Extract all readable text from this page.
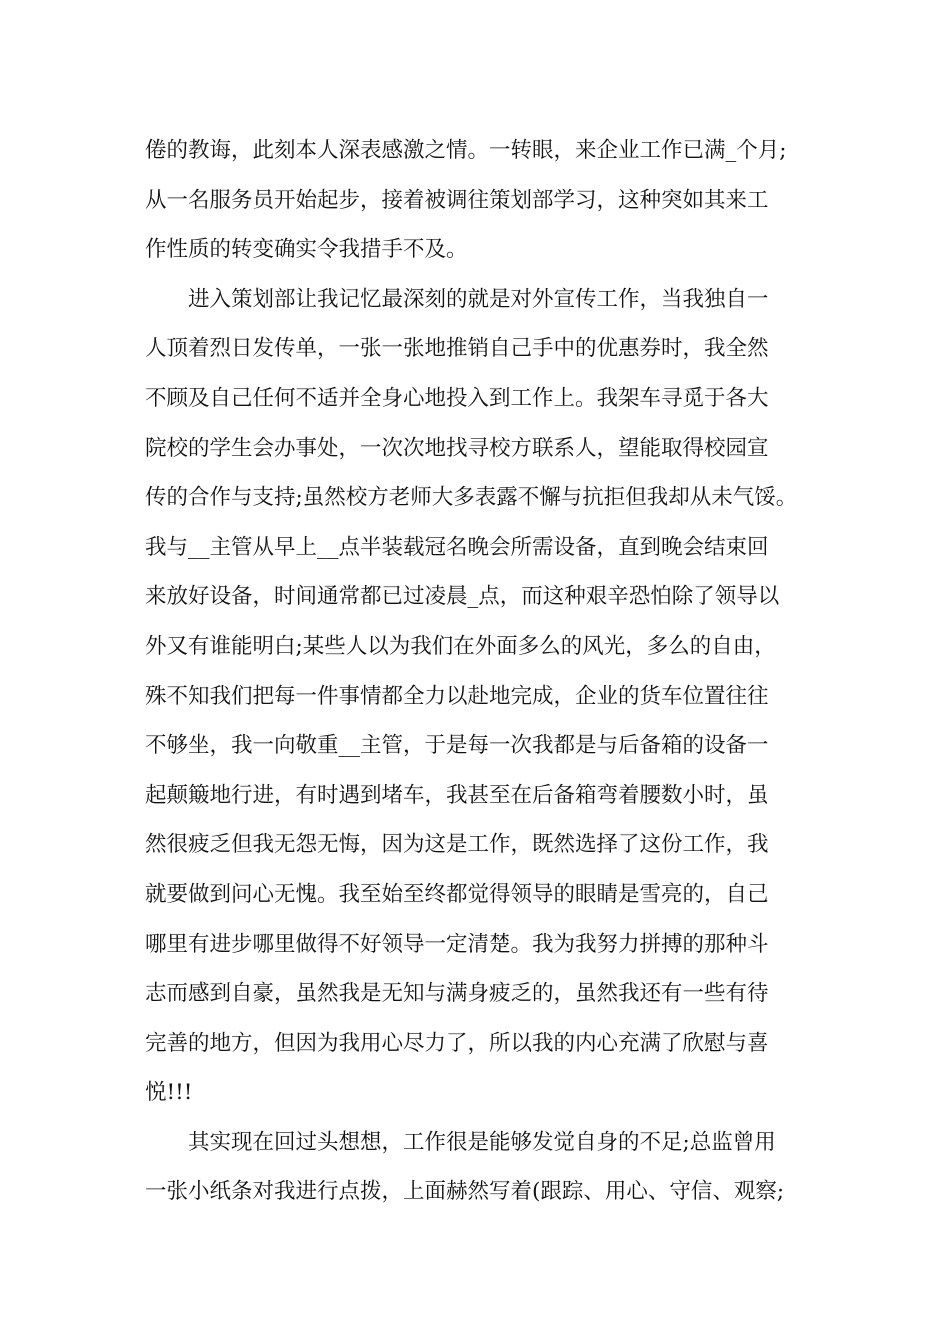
倦的教诲，此刻本人深表感激之情。一转眼，来企业工作已满_个月;
从一名服务员开始起步，接着被调往策划部学习，这种突如其来工
作性质的转变确实令我措手不及。
进入策划部让我记忆最深刻的就是对外宣传工作，当我独自一
人顶着烈日发传单，一张一张地推销自己手中的优惠券时，我全然
不顾及自己任何不适并全身心地投入到工作上。我架车寻觅于各大
院校的学生会办事处，一次次地找寻校方联系人，望能取得校园宣
传的合作与支持;虽然校方老师大多表露不懈与抗拒但我却从未气馁。
我与__主管从早上__点半装载冠名晚会所需设备，直到晚会结束回
来放好设备，时间通常都已过凌晨_点，而这种艰辛恐怕除了领导以
外又有谁能明白;某些人以为我们在外面多么的风光，多么的自由，
殊不知我们把每一件事情都全力以赴地完成，企业的货车位置往往
不够坐，我一向敬重__主管，于是每一次我都是与后备箱的设备一
起颠簸地行进，有时遇到堵车，我甚至在后备箱弯着腰数小时，虽
然很疲乏但我无怨无悔，因为这是工作，既然选择了这份工作，我
就要做到问心无愧。我至始至终都觉得领导的眼睛是雪亮的，自己
哪里有进步哪里做得不好领导一定清楚。我为我努力拼搏的那种斗
志而感到自豪，虽然我是无知与满身疲乏的，虽然我还有一些有待
完善的地方，但因为我用心尽力了，所以我的内心充满了欣慰与喜
悦!!!
其实现在回过头想想，工作很是能够发觉自身的不足;总监曾用
一张小纸条对我进行点拨，上面赫然写着(跟踪、用心、守信、观察;
